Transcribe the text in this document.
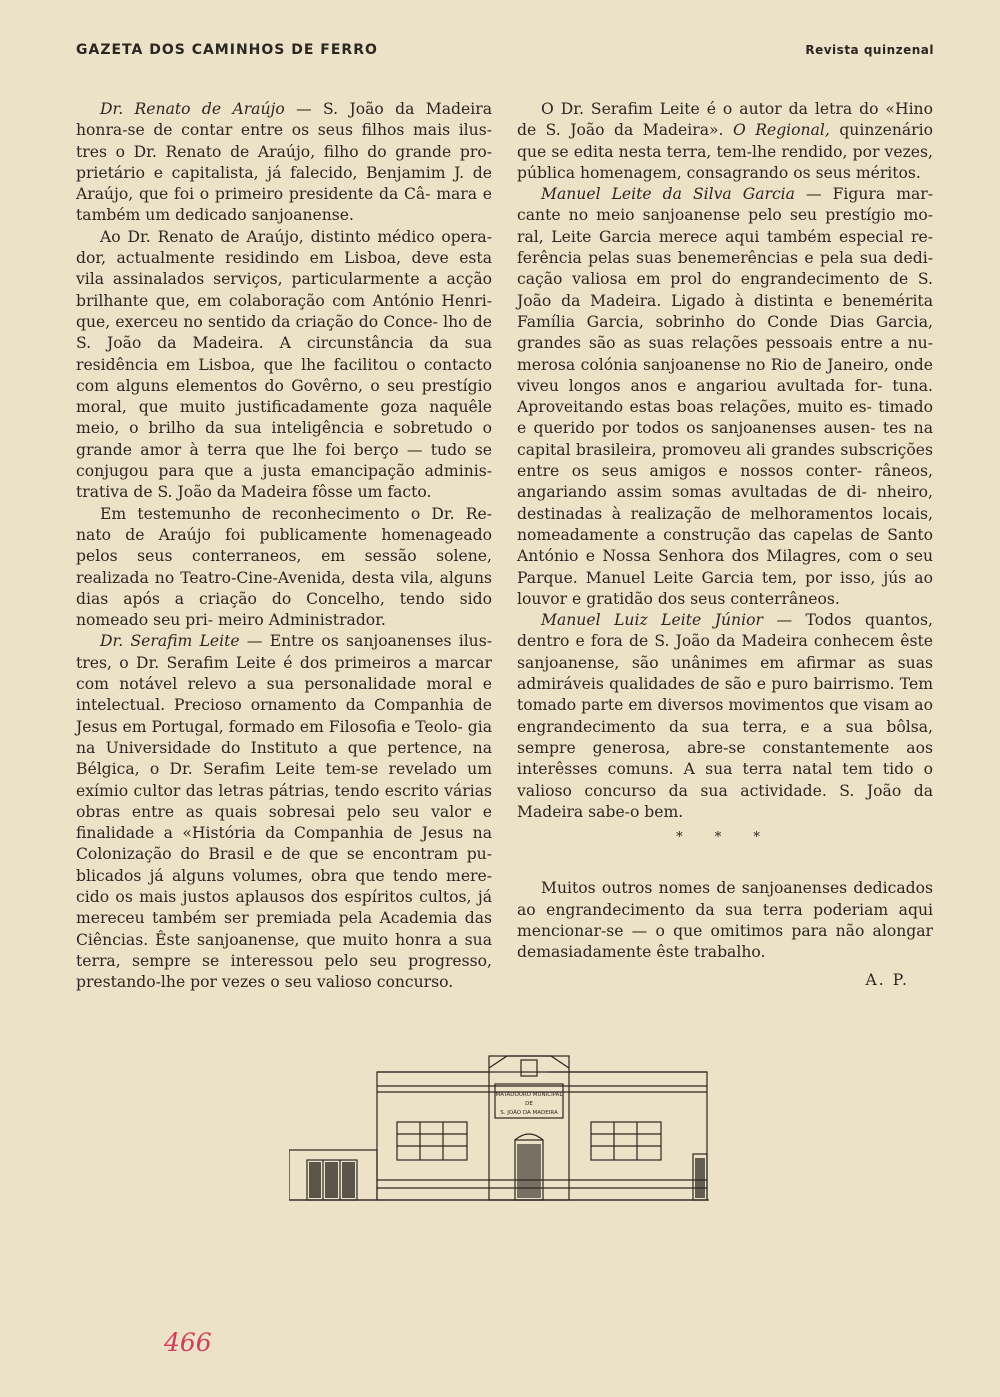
GAZETA DOS CAMINHOS DE FERRO	Revista quinzenal

Dr. Renato de Araújo — S. João da Madeira honra-se de contar entre os seus filhos mais ilus- tres o Dr. Renato de Araújo, filho do grande pro- prietário e capitalista, já falecido, Benjamim J. de Araújo, que foi o primeiro presidente da Câ- mara e também um dedicado sanjoanense.

Ao Dr. Renato de Araújo, distinto médico opera- dor, actualmente residindo em Lisboa, deve esta vila assinalados serviços, particularmente a acção brilhante que, em colaboração com António Henri- que, exerceu no sentido da criação do Conce- lho de S. João da Madeira. A circunstância da sua residência em Lisboa, que lhe facilitou o contacto com alguns elementos do Govêrno, o seu prestígio moral, que muito justificadamente goza naquêle meio, o brilho da sua inteligência e sobretudo o grande amor à terra que lhe foi berço — tudo se conjugou para que a justa emancipação adminis- trativa de S. João da Madeira fôsse um facto.

Em testemunho de reconhecimento o Dr. Re- nato de Araújo foi publicamente homenageado pelos seus conterraneos, em sessão solene, realizada no Teatro-Cine-Avenida, desta vila, alguns dias após a criação do Concelho, tendo sido nomeado seu pri- meiro Administrador.

Dr. Serafim Leite — Entre os sanjoanenses ilus- tres, o Dr. Serafim Leite é dos primeiros a marcar com notável relevo a sua personalidade moral e intelectual. Precioso ornamento da Companhia de Jesus em Portugal, formado em Filosofia e Teolo- gia na Universidade do Instituto a que pertence, na Bélgica, o Dr. Serafim Leite tem-se revelado um exímio cultor das letras pátrias, tendo escrito várias obras entre as quais sobresai pelo seu valor e finalidade a «História da Companhia de Jesus na Colonização do Brasil e de que se encontram pu- blicados já alguns volumes, obra que tendo mere- cido os mais justos aplausos dos espíritos cultos, já mereceu também ser premiada pela Academia das Ciências. Êste sanjoanense, que muito honra a sua terra, sempre se interessou pelo seu progresso, prestando-lhe por vezes o seu valioso concurso.

O Dr. Serafim Leite é o autor da letra do «Hino de S. João da Madeira». O Regional, quinzenário que se edita nesta terra, tem-lhe rendido, por vezes, pública homenagem, consagrando os seus méritos.

Manuel Leite da Silva Garcia — Figura mar- cante no meio sanjoanense pelo seu prestígio mo- ral, Leite Garcia merece aqui também especial re- ferência pelas suas benemerências e pela sua dedi- cação valiosa em prol do engrandecimento de S. João da Madeira. Ligado à distinta e benemérita Família Garcia, sobrinho do Conde Dias Garcia, grandes são as suas relações pessoais entre a nu- merosa colónia sanjoanense no Rio de Janeiro, onde viveu longos anos e angariou avultada for- tuna. Aproveitando estas boas relações, muito es- timado e querido por todos os sanjoanenses ausen- tes na capital brasileira, promoveu ali grandes subscrições entre os seus amigos e nossos conter- râneos, angariando assim somas avultadas de di- nheiro, destinadas à realização de melhoramentos locais, nomeadamente a construção das capelas de Santo António e Nossa Senhora dos Milagres, com o seu Parque. Manuel Leite Garcia tem, por isso, jús ao louvor e gratidão dos seus conterrâneos.

Manuel Luiz Leite Júnior — Todos quantos, dentro e fora de S. João da Madeira conhecem êste sanjoanense, são unânimes em afirmar as suas admiráveis qualidades de são e puro bairrismo. Tem tomado parte em diversos movimentos que visam ao engrandecimento da sua terra, e a sua bôlsa, sempre generosa, abre-se constantemente aos interêsses comuns. A sua terra natal tem tido o valioso concurso da sua actividade. S. João da Madeira sabe-o bem.

* * *

Muitos outros nomes de sanjoanenses dedicados ao engrandecimento da sua terra poderiam aqui mencionar-se — o que omitimos para não alongar demasiadamente êste trabalho.

A. P.
MATADOURO MUNICIPAL
DE
S. JOÃO DA MADEIRA
466
